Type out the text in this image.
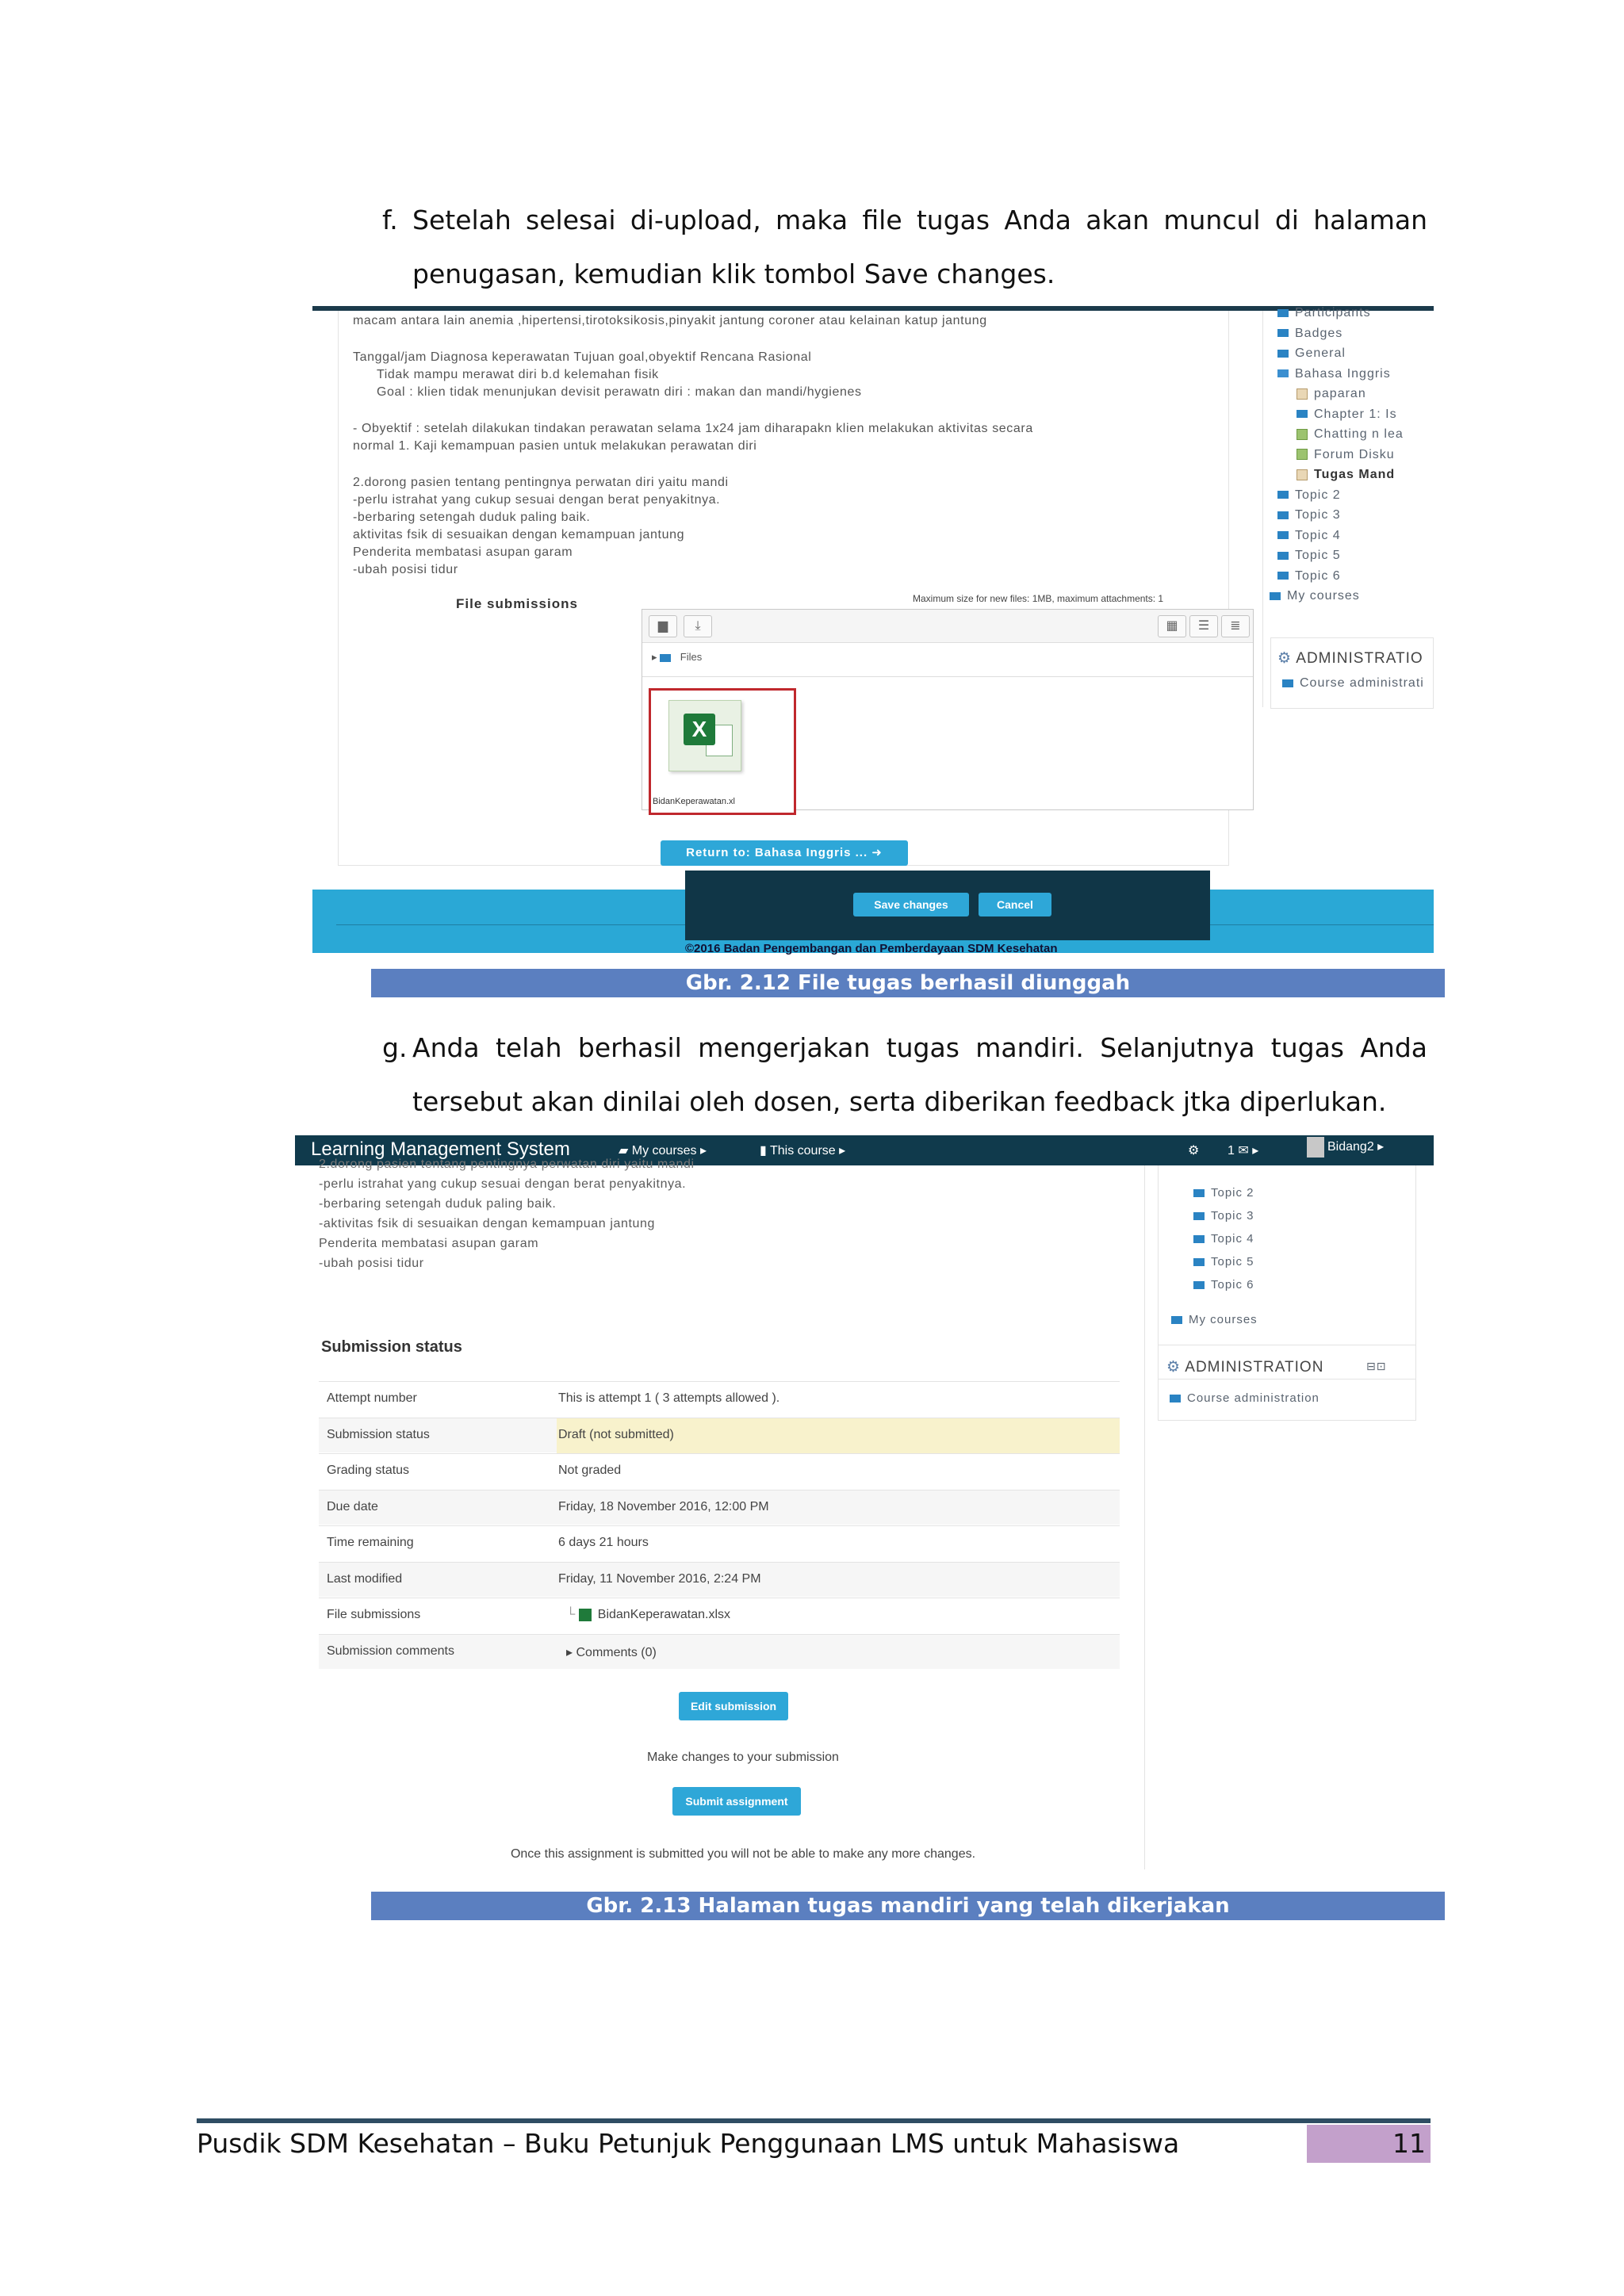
f. Setelah selesai di-upload, maka file tugas Anda akan muncul di halaman
penugasan, kemudian klik tombol Save changes.
macam antara lain anemia ,hipertensi,tirotoksikosis,pinyakit jantung coroner atau kelainan katup jantung
Tanggal/jam Diagnosa keperawatan Tujuan goal,obyektif Rencana Rasional
Tidak mampu merawat diri b.d kelemahan fisik
Goal : klien tidak menunjukan devisit perawatn diri : makan dan mandi/hygienes
- Obyektif : setelah dilakukan tindakan perawatan selama 1x24 jam diharapakn klien melakukan aktivitas secara
normal 1. Kaji kemampuan pasien untuk melakukan perawatan diri
2.dorong pasien tentang pentingnya perwatan diri yaitu mandi
-perlu istrahat yang cukup sesuai dengan berat penyakitnya.
-berbaring setengah duduk paling baik.
aktivitas fsik di sesuaikan dengan kemampuan jantung
Penderita membatasi asupan garam
-ubah posisi tidur
File submissions	Maximum size for new files: 1MB, maximum attachments: 1
▆	⤓	▦	☰	≣
▸  Files
X
BidanKeperawatan.xl
Return to: Bahasa Inggris ... ➜
Participants
Badges
General
Bahasa Inggris
paparan
Chapter 1: Is
Chatting n lea
Forum Disku
Tugas Mand
Topic 2
Topic 3
Topic 4
Topic 5
Topic 6
My courses
⚙ ADMINISTRATIO
Course administrati
Save changes	Cancel
©2016 Badan Pengembangan dan Pemberdayaan SDM Kesehatan
Gbr. 2.12 File tugas berhasil diunggah
g. Anda telah berhasil mengerjakan tugas mandiri. Selanjutnya tugas Anda
tersebut akan dinilai oleh dosen, serta diberikan feedback jtka diperlukan.
Learning Management System	▰ My courses ▸	▮ This course ▸	⚙ 1 ✉ ▸	Bidang2 ▸
2.dorong pasien tentang pentingnya perwatan diri yaitu mandi
-perlu istrahat yang cukup sesuai dengan berat penyakitnya.
-berbaring setengah duduk paling baik.
-aktivitas fsik di sesuaikan dengan kemampuan jantung
Penderita membatasi asupan garam
-ubah posisi tidur
Submission status
Attempt number	This is attempt 1 ( 3 attempts allowed ).
Submission status	Draft (not submitted)
Grading status	Not graded
Due date	Friday, 18 November 2016, 12:00 PM
Time remaining	6 days 21 hours
Last modified	Friday, 11 November 2016, 2:24 PM
File submissions	└ BidanKeperawatan.xlsx
Submission comments	▸ Comments (0)
Edit submission
Make changes to your submission
Submit assignment
Once this assignment is submitted you will not be able to make any more changes.
Topic 2
Topic 3
Topic 4
Topic 5
Topic 6
My courses
⚙ ADMINISTRATION	⊟⊡
Course administration
Gbr. 2.13 Halaman tugas mandiri yang telah dikerjakan
11
Pusdik SDM Kesehatan – Buku Petunjuk Penggunaan LMS untuk Mahasiswa
